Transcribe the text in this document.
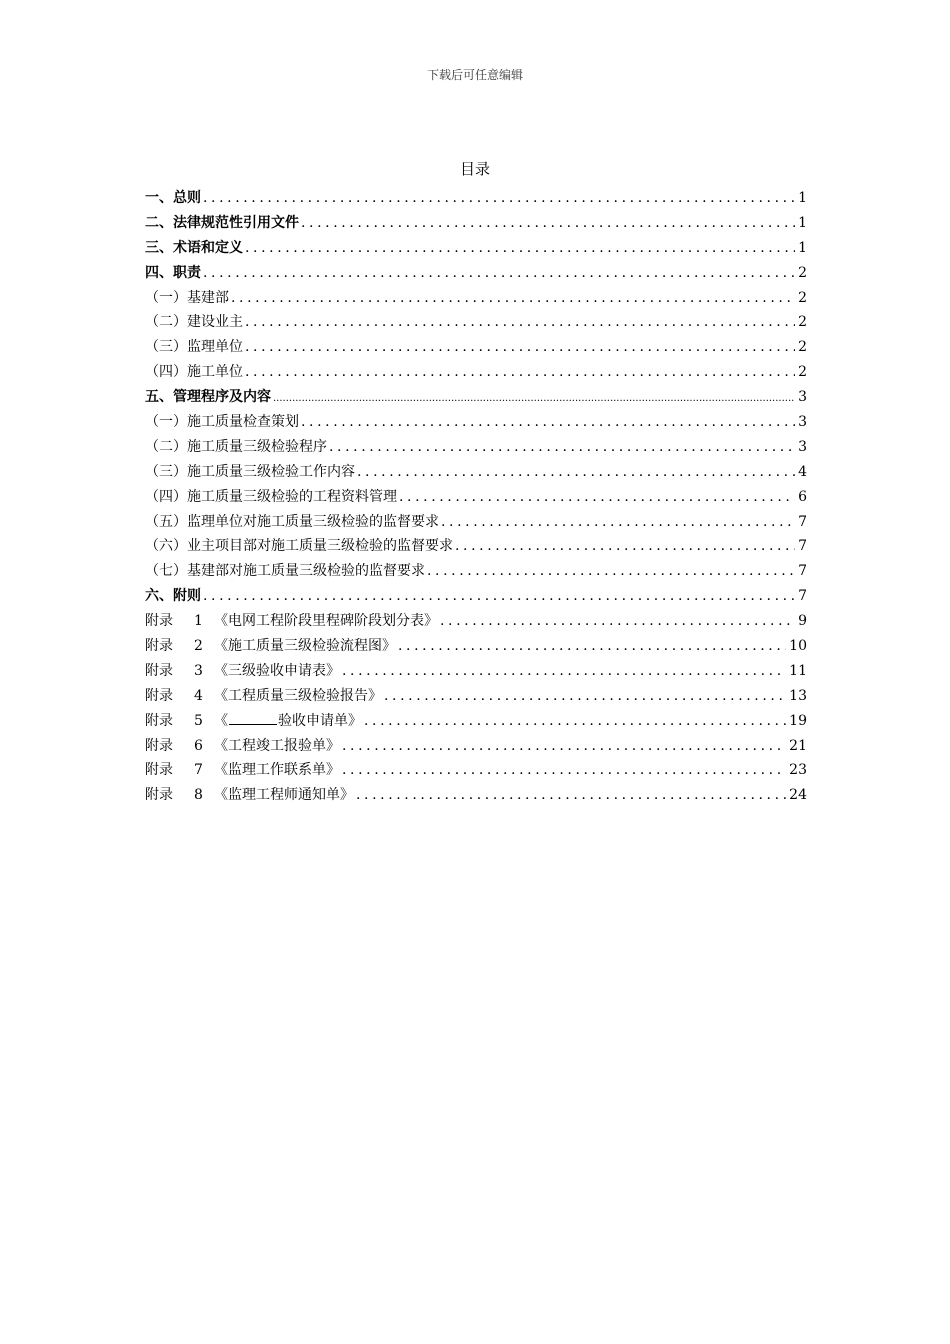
下载后可任意编辑
目录
一、总则 .....	1
二、法律规范性引用文件 .....	1
三、术语和定义 .....	1
四、职责 .....	2
（一）基建部 .....	2
（二）建设业主 .....	2
（三）监理单位 .....	2
（四）施工单位 .....	2
五、管理程序及内容 .....	3
（一）施工质量检查策划 .....	3
（二）施工质量三级检验程序 .....	3
（三）施工质量三级检验工作内容 .....	4
（四）施工质量三级检验的工程资料管理 .....	6
（五）监理单位对施工质量三级检验的监督要求 .....	7
（六）业主项目部对施工质量三级检验的监督要求 .....	7
（七）基建部对施工质量三级检验的监督要求 .....	7
六、附则 .....	7
附录 1 《电网工程阶段里程碑阶段划分表》 .....	9
附录 2 《施工质量三级检验流程图》 .....	10
附录 3 《三级验收申请表》 .....	11
附录 4 《工程质量三级检验报告》 .....	13
附录 5 《	验收申请单》 .....	19
附录 6 《工程竣工报验单》 .....	21
附录 7 《监理工作联系单》 .....	23
附录 8 《监理工程师通知单》 .....	24
